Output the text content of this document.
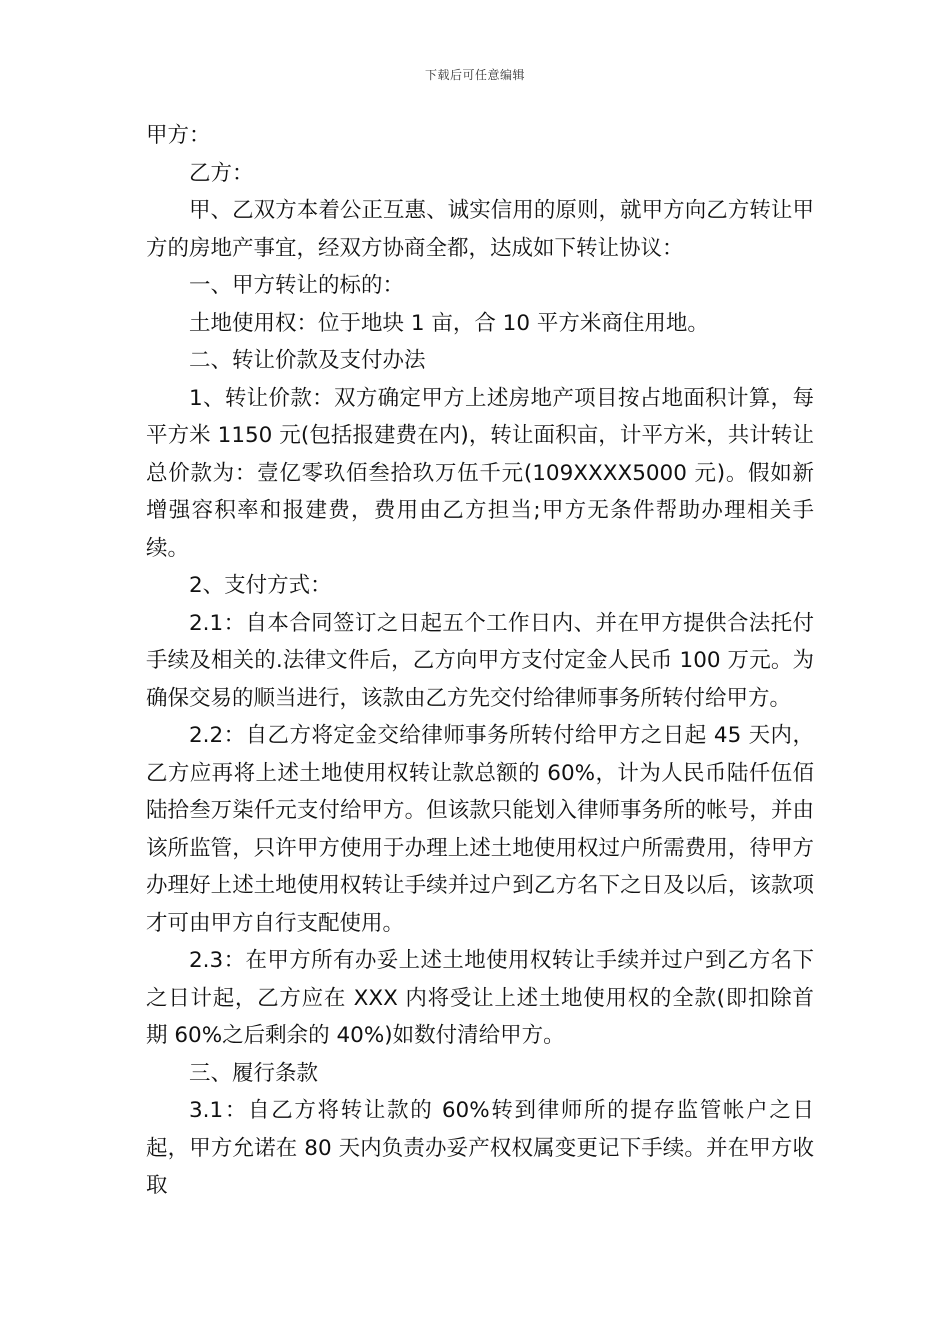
下载后可任意编辑

甲方：

乙方：

甲、乙双方本着公正互惠、诚实信用的原则，就甲方向乙方转让甲方的房地产事宜，经双方协商全都，达成如下转让协议：

一、甲方转让的标的：

土地使用权：位于地块 1 亩，合 10 平方米商住用地。

二、转让价款及支付办法

1、转让价款：双方确定甲方上述房地产项目按占地面积计算，每平方米 1150 元(包括报建费在内)，转让面积亩，计平方米，共计转让总价款为：壹亿零玖佰叁拾玖万伍千元(109XXXX5000 元)。假如新增强容积率和报建费，费用由乙方担当;甲方无条件帮助办理相关手续。

2、支付方式：

2.1：自本合同签订之日起五个工作日内、并在甲方提供合法托付手续及相关的.法律文件后，乙方向甲方支付定金人民币 100 万元。为确保交易的顺当进行，该款由乙方先交付给律师事务所转付给甲方。

2.2：自乙方将定金交给律师事务所转付给甲方之日起 45 天内，乙方应再将上述土地使用权转让款总额的 60%，计为人民币陆仟伍佰陆拾叁万柒仟元支付给甲方。但该款只能划入律师事务所的帐号，并由该所监管，只许甲方使用于办理上述土地使用权过户所需费用，待甲方办理好上述土地使用权转让手续并过户到乙方名下之日及以后，该款项才可由甲方自行支配使用。

2.3：在甲方所有办妥上述土地使用权转让手续并过户到乙方名下之日计起，乙方应在 XXX 内将受让上述土地使用权的全款(即扣除首期 60%之后剩余的 40%)如数付清给甲方。

三、履行条款

3.1：自乙方将转让款的 60%转到律师所的提存监管帐户之日起，甲方允诺在 80 天内负责办妥产权权属变更记下手续。并在甲方收取
